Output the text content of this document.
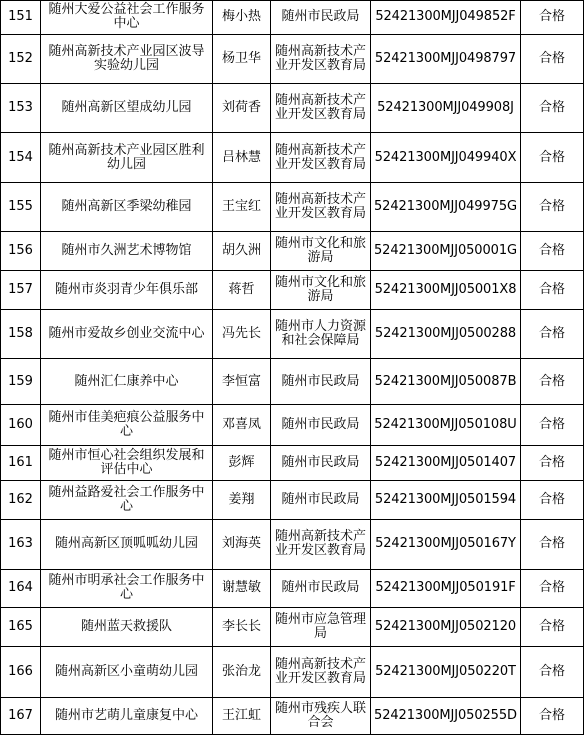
151	随州大爱公益社会工作服务中心	梅小热	随州市民政局	52421300MJJ049852F	合格
152	随州高新技术产业园区波导实验幼儿园	杨卫华	随州高新技术产业开发区教育局	52421300MJJ0498797	合格
153	随州高新区望成幼儿园	刘荷香	随州高新技术产业开发区教育局	52421300MJJ049908J	合格
154	随州高新技术产业园区胜利幼儿园	吕林慧	随州高新技术产业开发区教育局	52421300MJJ049940X	合格
155	随州高新区季梁幼稚园	王宝红	随州高新技术产业开发区教育局	52421300MJJ049975G	合格
156	随州市久洲艺术博物馆	胡久洲	随州市文化和旅游局	52421300MJJ050001G	合格
157	随州市炎羽青少年俱乐部	蒋哲	随州市文化和旅游局	52421300MJJ05001X8	合格
158	随州市爱故乡创业交流中心	冯先长	随州市人力资源和社会保障局	52421300MJJ0500288	合格
159	随州汇仁康养中心	李恒富	随州市民政局	52421300MJJ050087B	合格
160	随州市佳美疤痕公益服务中心	邓喜凤	随州市民政局	52421300MJJ050108U	合格
161	随州市恒心社会组织发展和评估中心	彭辉	随州市民政局	52421300MJJ0501407	合格
162	随州益路爱社会工作服务中心	姜翔	随州市民政局	52421300MJJ0501594	合格
163	随州高新区顶呱呱幼儿园	刘海英	随州高新技术产业开发区教育局	52421300MJJ050167Y	合格
164	随州市明承社会工作服务中心	谢慧敏	随州市民政局	52421300MJJ050191F	合格
165	随州蓝天救援队	李长长	随州市应急管理局	52421300MJJ0502120	合格
166	随州高新区小童萌幼儿园	张治龙	随州高新技术产业开发区教育局	52421300MJJ050220T	合格
167	随州市艺萌儿童康复中心	王江虹	随州市残疾人联合会	52421300MJJ050255D	合格
